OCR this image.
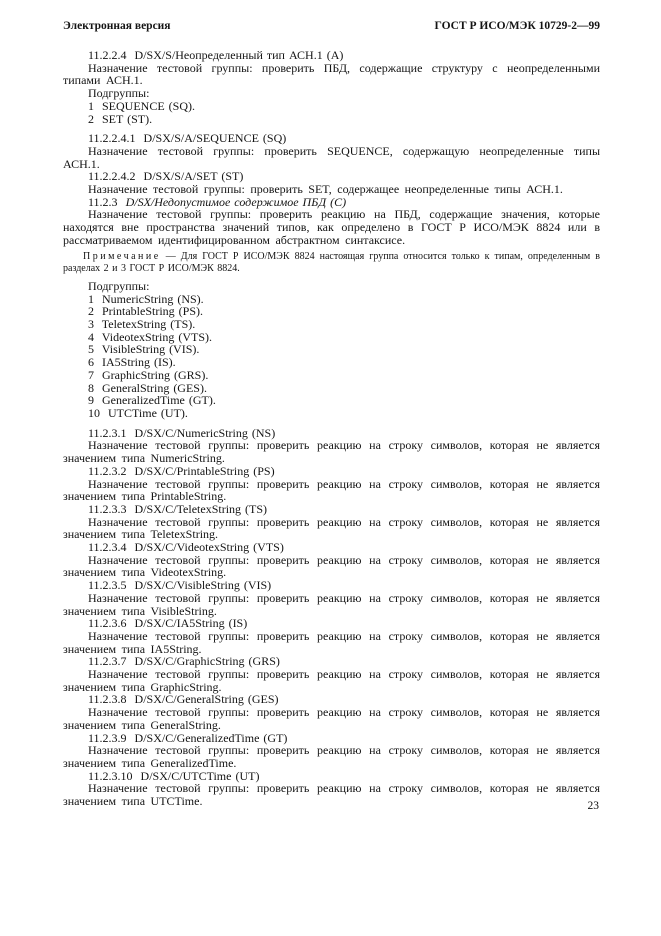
Электронная версия	ГОСТ Р ИСО/МЭК 10729-2—99

11.2.2.4  D/SX/S/Неопределенный тип АСН.1 (А)

Назначение тестовой группы: проверить ПБД, содержащие структуру с неопределенными типами АСН.1.

Подгруппы:

1  SEQUENCE (SQ).

2  SET (ST).

11.2.2.4.1  D/SX/S/A/SEQUENCE (SQ)

Назначение тестовой группы: проверить SEQUENCE, содержащую неопределенные типы АСН.1.

11.2.2.4.2  D/SX/S/A/SET (ST)

Назначение тестовой группы: проверить SET, содержащее неопределенные типы АСН.1.

11.2.3 D/SX/Недопустимое содержимое ПБД (С)

Назначение тестовой группы: проверить реакцию на ПБД, содержащие значения, которые находятся вне пространства значений типов, как определено в ГОСТ Р ИСО/МЭК 8824 или в рассматриваемом идентифицированном абстрактном синтаксисе.

Примечание — Для ГОСТ Р ИСО/МЭК 8824 настоящая группа относится только к типам, определенным в разделах 2 и 3 ГОСТ Р ИСО/МЭК 8824.

Подгруппы:

1  NumericString (NS).

2  PrintableString (PS).

3  TeletexString (TS).

4  VideotexString (VTS).

5  VisibleString (VIS).

6  IA5String (IS).

7  GraphicString (GRS).

8  GeneralString (GES).

9  GeneralizedTime (GT).

10  UTCTime (UT).

11.2.3.1  D/SX/C/NumericString (NS)

Назначение тестовой группы: проверить реакцию на строку символов, которая не является значением типа NumericString.

11.2.3.2  D/SX/C/PrintableString (PS)

Назначение тестовой группы: проверить реакцию на строку символов, которая не является значением типа PrintableString.

11.2.3.3  D/SX/C/TeletexString (TS)

Назначение тестовой группы: проверить реакцию на строку символов, которая не является значением типа TeletexString.

11.2.3.4  D/SX/C/VideotexString (VTS)

Назначение тестовой группы: проверить реакцию на строку символов, которая не является значением типа VideotexString.

11.2.3.5  D/SX/C/VisibleString (VIS)

Назначение тестовой группы: проверить реакцию на строку символов, которая не является значением типа VisibleString.

11.2.3.6  D/SX/C/IA5String (IS)

Назначение тестовой группы: проверить реакцию на строку символов, которая не является значением типа IA5String.

11.2.3.7  D/SX/C/GraphicString (GRS)

Назначение тестовой группы: проверить реакцию на строку символов, которая не является значением типа GraphicString.

11.2.3.8  D/SX/C/GeneralString (GES)

Назначение тестовой группы: проверить реакцию на строку символов, которая не является значением типа GeneralString.

11.2.3.9  D/SX/C/GeneralizedTime (GT)

Назначение тестовой группы: проверить реакцию на строку символов, которая не является значением типа GeneralizedTime.

11.2.3.10  D/SX/C/UTCTime (UT)

Назначение тестовой группы: проверить реакцию на строку символов, которая не является значением типа UTCTime.	23
